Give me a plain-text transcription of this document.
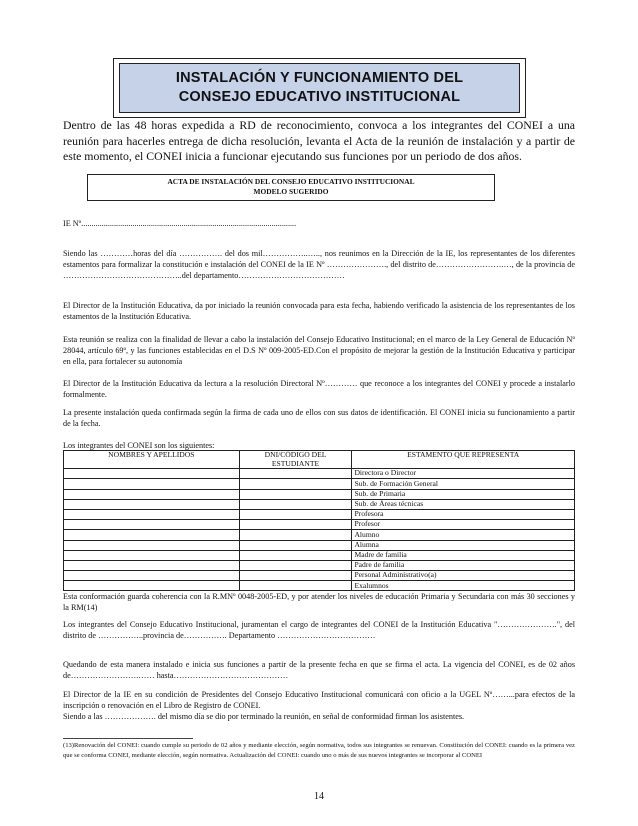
INSTALACIÓN Y FUNCIONAMIENTO DEL
CONSEJO EDUCATIVO INSTITUCIONAL
Dentro de las 48 horas expedida a RD de reconocimiento, convoca a los integrantes del CONEI a una reunión para hacerles entrega de dicha resolución, levanta el Acta de la reunión de instalación y a partir de este momento, el CONEI inicia a funcionar ejecutando sus funciones por un periodo de dos años.
ACTA DE INSTALACIÓN DEL CONSEJO EDUCATIVO INSTITUCIONAL
MODELO SUGERIDO
IE Nº.........................................................................................................
Siendo las …………horas del día ……………. del dos mil……………..….., nos reunimos en la Dirección de la IE, los representantes de los diferentes estamentos para formalizar la constitución e instalación del CONEI de la IE Nº …………………., del distrito de…………………….…, de la provincia de ……………………………………..del departamento…………………………………
El Director de la Institución Educativa, da por iniciado la reunión convocada para esta fecha, habiendo verificado la asistencia de los representantes de los estamentos de la Institución Educativa.
Esta reunión se realiza con la finalidad de llevar a cabo la instalación del Consejo Educativo Institucional; en el marco de la Ley General de Educación Nº 28044, artículo 69º, y las funciones establecidas en el D.S Nº 009-2005-ED.Con el propósito de mejorar la gestión de la Institución Educativa y participar en ella, para fortalecer su autonomía
El Director de la Institución Educativa da lectura a la resolución Directoral Nº………… que reconoce a los integrantes del CONEI y procede a instalarlo formalmente.
La presente instalación queda confirmada según la firma de cada uno de ellos con sus datos de identificación. El CONEI inicia su funcionamiento a partir de la fecha.
Los integrantes del CONEI son los siguientes:
NOMBRES Y APELLIDOS	DNI/CÓDIGO DEL ESTUDIANTE	ESTAMENTO QUE REPRESENTA
		Directora o Director
		Sub. de Formación General
		Sub. de Primaria
		Sub. de Áreas técnicas
		Profesora
		Profesor
		Alumno
		Alumna
		Madre de familia
		Padre de familia
		Personal Administrativo(a)
		Exalumnos
Esta conformación guarda coherencia con la R.MNº 0048-2005-ED, y por atender los niveles de educación Primaria y Secundaria con más 30 secciones y la RM(14)
Los integrantes del Consejo Educativo Institucional, juramentan el cargo de integrantes del CONEI de la Institución Educativa "………………….", del distrito de ……………..provincia de……………. Departamento ………………………………
Quedando de esta manera instalado e inicia sus funciones a partir de la presente fecha en que se firma el acta. La vigencia del CONEI, es de 02 años de…………………….…… hasta……………………………………
El Director de la IE en su condición de Presidentes del Consejo Educativo Institucional comunicará con oficio a la UGEL Nº……...para efectos de la inscripción o renovación en el Libro de Registro de CONEI.
Siendo a las ………………. del mismo día se dio por terminado la reunión, en señal de conformidad firman los asistentes.
(13)Renovación del CONEI: cuando cumple su periodo de 02 años y mediante elección, según normativa, todos sus integrantes se renuevan. Constitución del CONEI: cuando es la primera vez que se conforma CONEI, mediante elección, según normativa. Actualización del CONEI: cuando uno o más de sus nuevos integrantes se incorporar al CONEI
14
